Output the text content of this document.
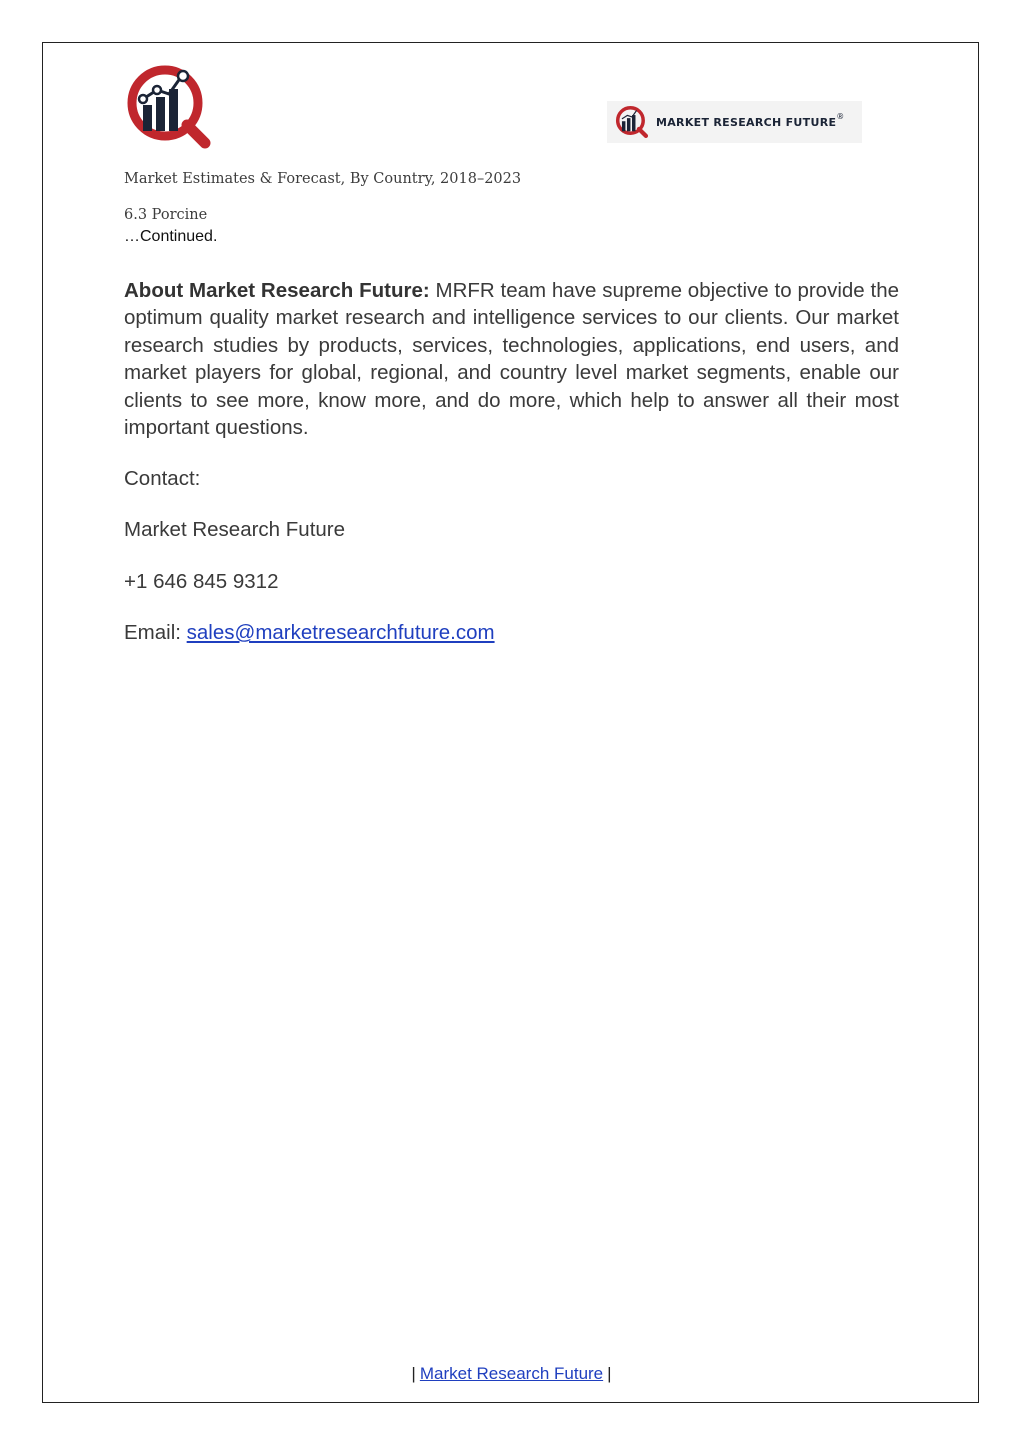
MARKET RESEARCH FUTURE ®
Market Estimates & Forecast, By Country, 2018–2023
6.3 Porcine
…Continued.

About Market Research Future: MRFR team have supreme objective to provide the optimum quality market research and intelligence services to our clients. Our market research studies by products, services, technologies, applications, end users, and market players for global, regional, and country level market segments, enable our clients to see more, know more, and do more, which help to answer all their most important questions.

Contact:
Market Research Future
+1 646 845 9312
Email: sales@marketresearchfuture.com
| Market Research Future |
